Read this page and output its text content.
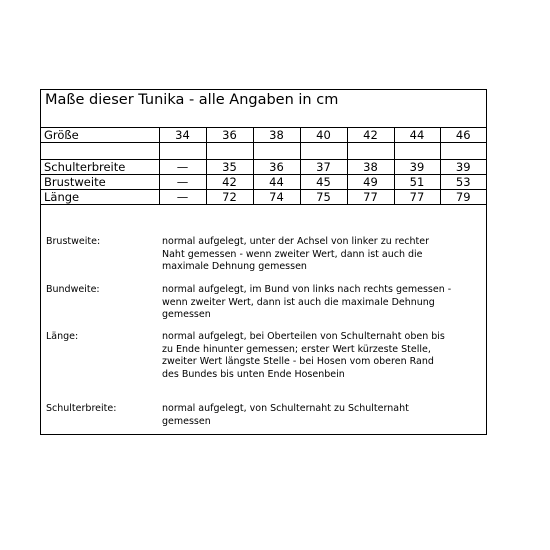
Maße dieser Tunika - alle Angaben in cm
Größe	34	36	38	40	42	44	46

Schulterbreite	—	35	36	37	38	39	39
Brustweite	—	42	44	45	49	51	53
Länge	—	72	74	75	77	77	79
Brustweite:	normal aufgelegt, unter der Achsel von linker zu rechter
Naht gemessen - wenn zweiter Wert, dann ist auch die
maximale Dehnung gemessen
Bundweite:	normal aufgelegt, im Bund von links nach rechts gemessen -
wenn zweiter Wert, dann ist auch die maximale Dehnung
gemessen
Länge:	normal aufgelegt, bei Oberteilen von Schulternaht oben bis
zu Ende hinunter gemessen; erster Wert kürzeste Stelle,
zweiter Wert längste Stelle - bei Hosen vom oberen Rand
des Bundes bis unten Ende Hosenbein
Schulterbreite:	normal aufgelegt, von Schulternaht zu Schulternaht
gemessen
